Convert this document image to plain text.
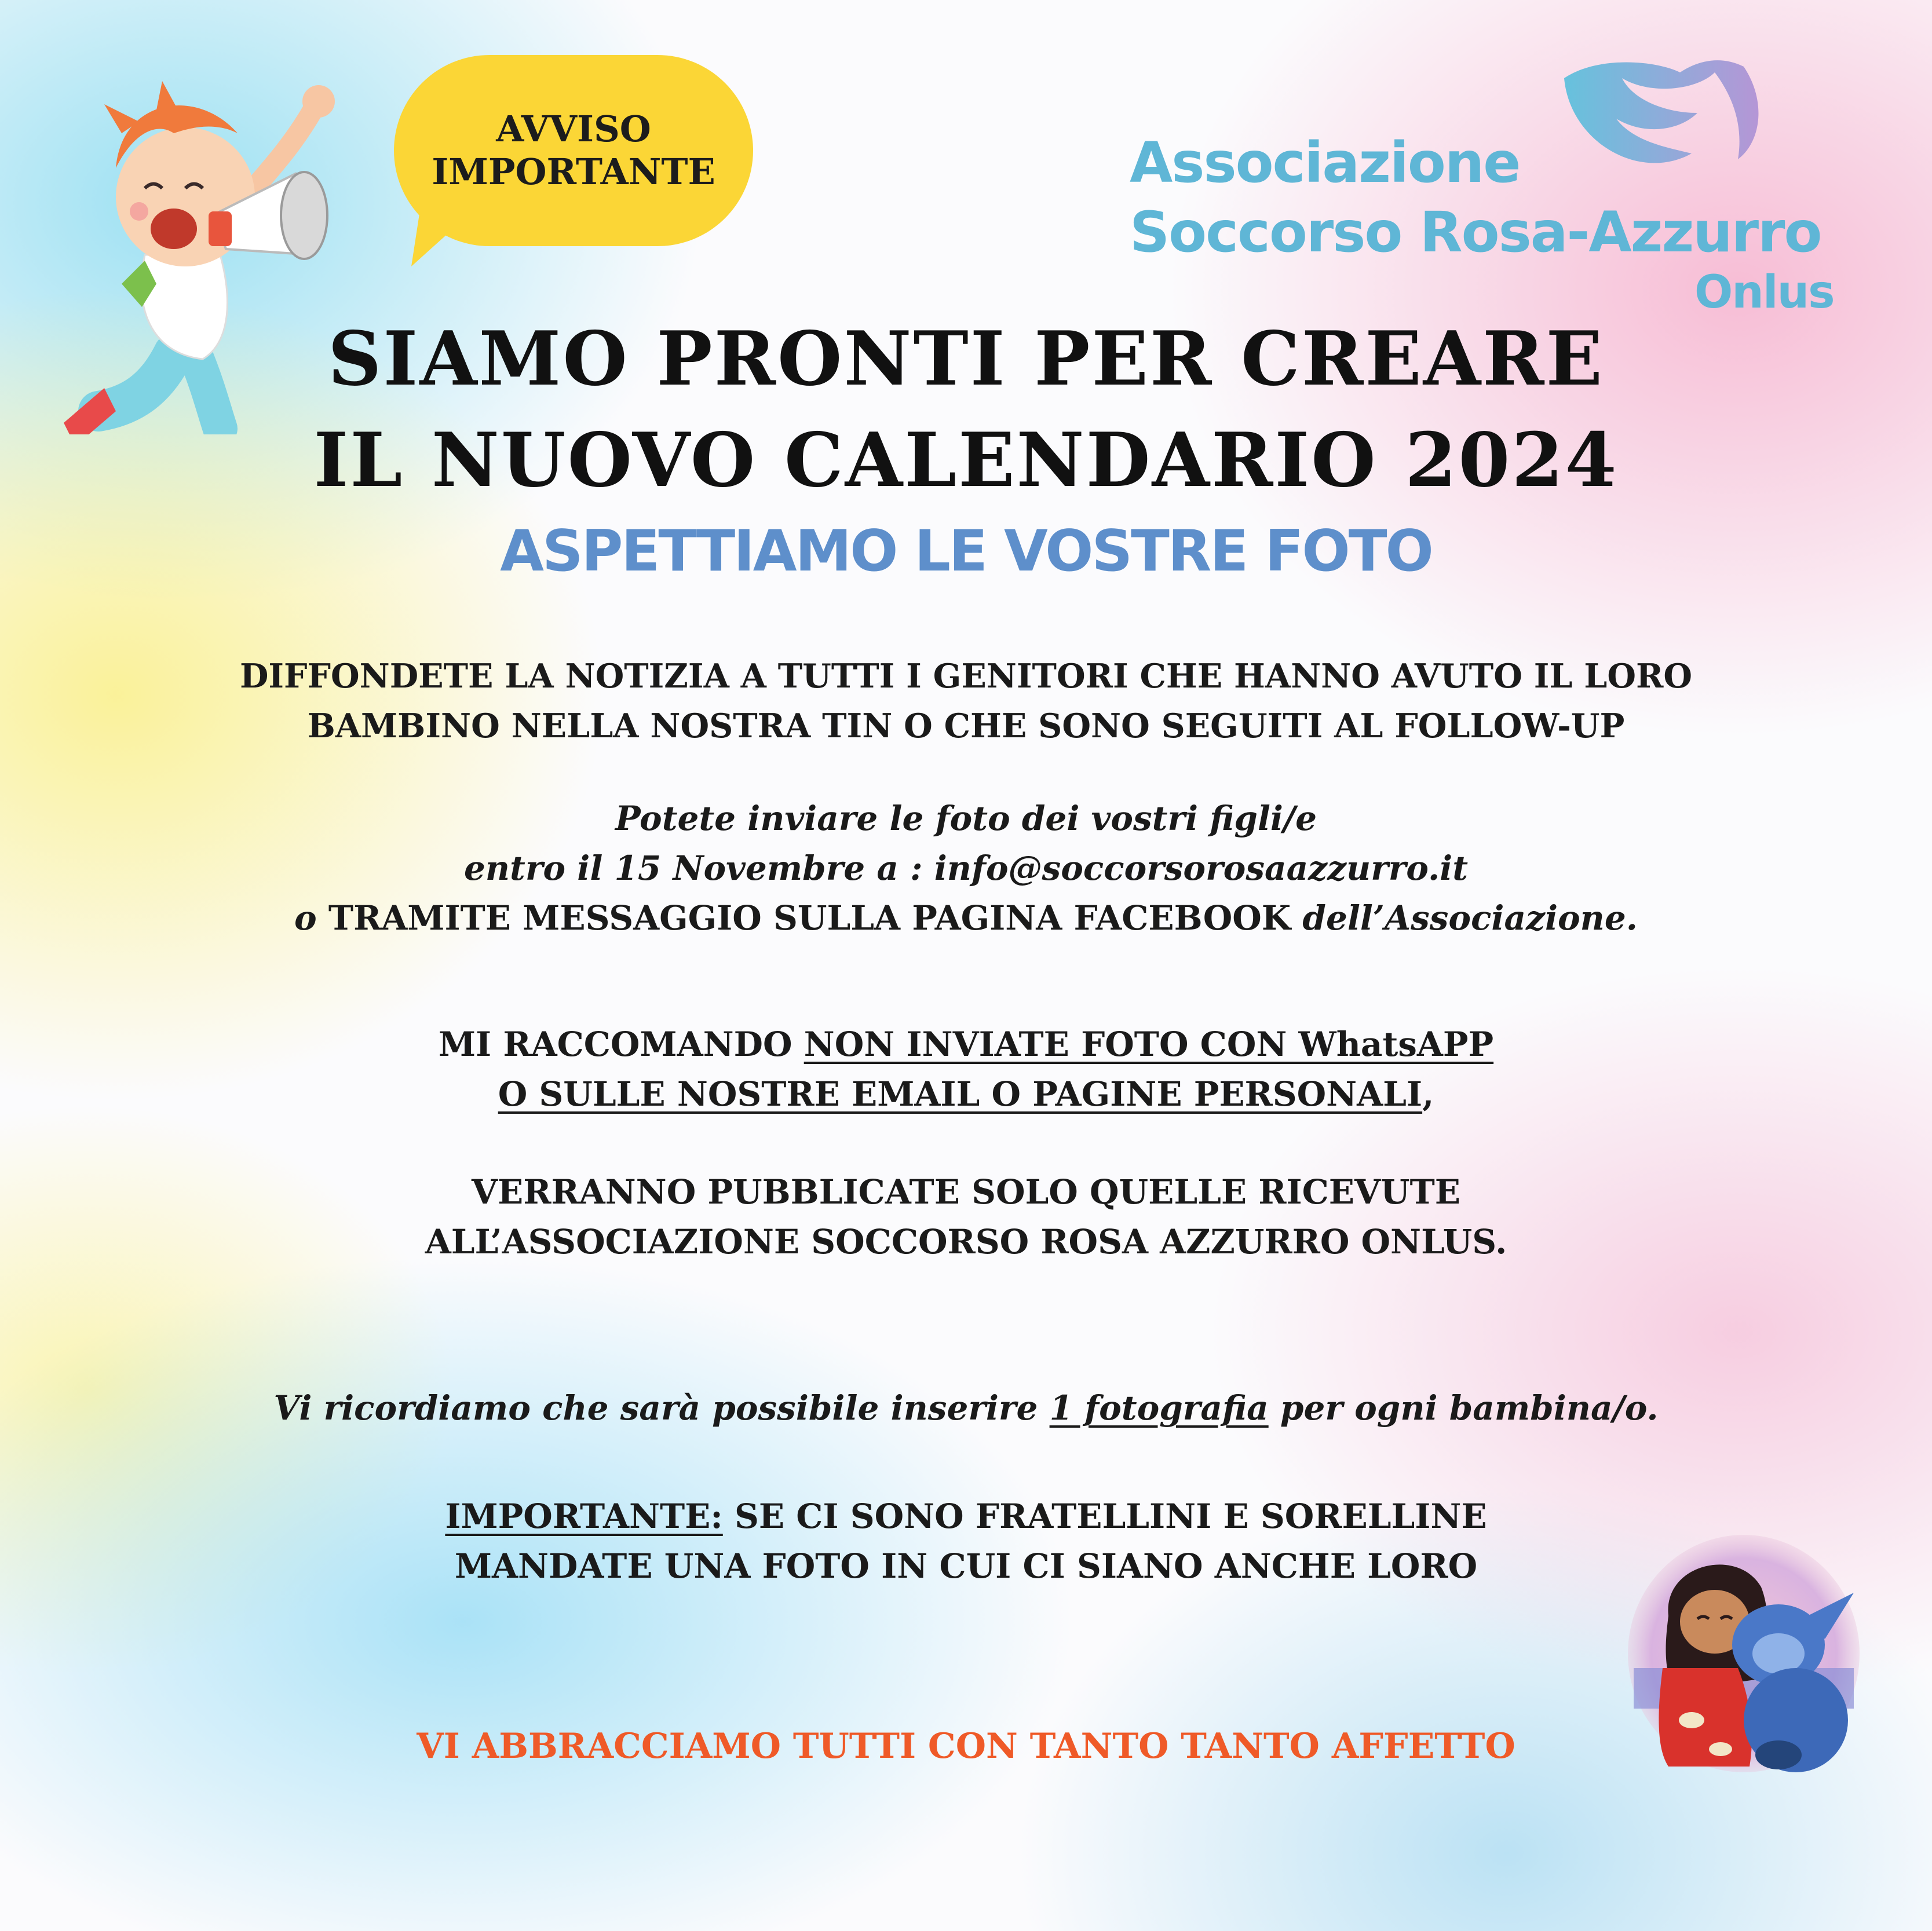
AVVISO
IMPORTANTE	Associazione
Soccorso Rosa-Azzurro
Onlus
SIAMO PRONTI PER CREARE
IL NUOVO CALENDARIO 2024
ASPETTIAMO LE VOSTRE FOTO
DIFFONDETE LA NOTIZIA A TUTTI I GENITORI CHE HANNO AVUTO IL LORO
BAMBINO NELLA NOSTRA TIN O CHE SONO SEGUITI AL FOLLOW-UP
Potete inviare le foto dei vostri figli/e
entro il 15 Novembre a : info@soccorsorosaazzurro.it
o TRAMITE MESSAGGIO SULLA PAGINA FACEBOOK dell’Associazione.
MI RACCOMANDO NON INVIATE FOTO CON WhatsAPP
O SULLE NOSTRE EMAIL O PAGINE PERSONALI,
VERRANNO PUBBLICATE SOLO QUELLE RICEVUTE
ALL’ASSOCIAZIONE SOCCORSO ROSA AZZURRO ONLUS.
Vi ricordiamo che sarà possibile inserire 1 fotografia per ogni bambina/o.
IMPORTANTE: SE CI SONO FRATELLINI E SORELLINE
MANDATE UNA FOTO IN CUI CI SIANO ANCHE LORO
VI ABBRACCIAMO TUTTI CON TANTO TANTO AFFETTO
